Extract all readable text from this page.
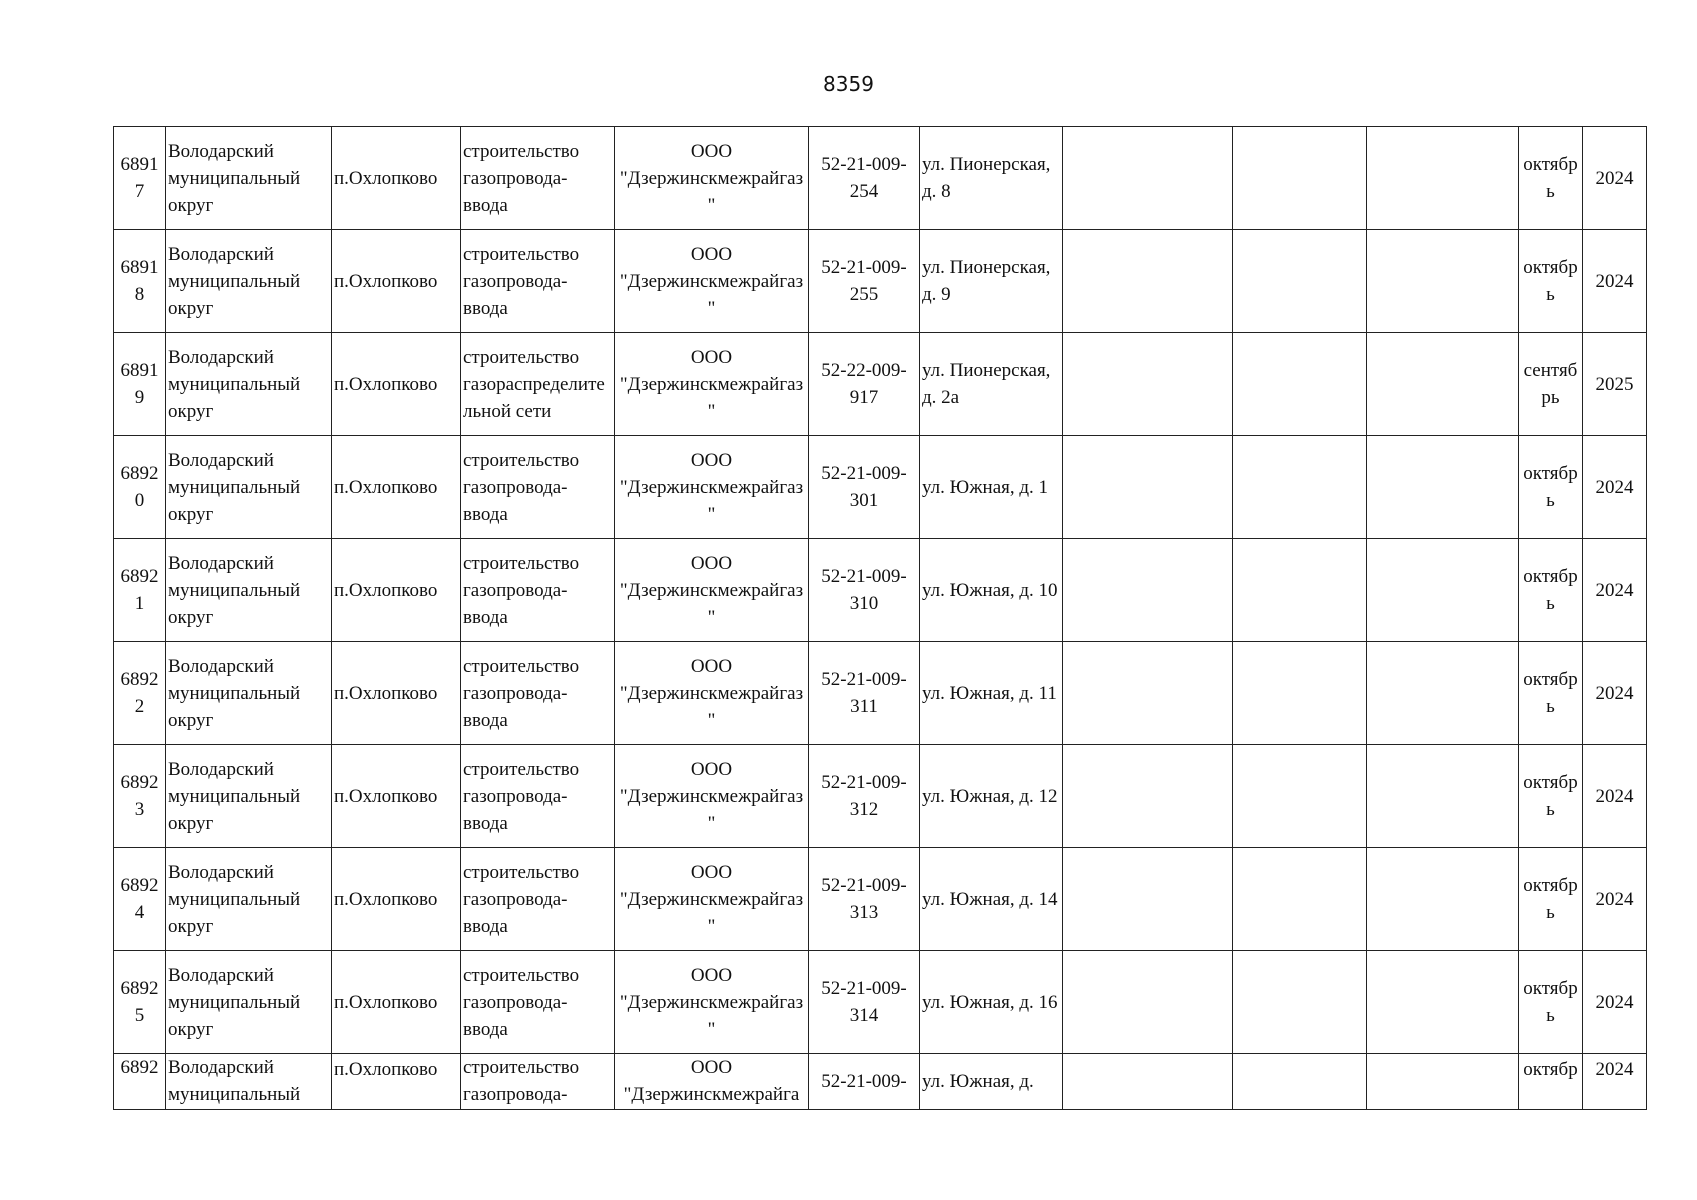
8359
68917	Володарский муниципальный округ	п.Охлопково	строительство газопровода-ввода	ООО "Дзержинскмежрайгаз"	52-21-009-254	ул. Пионерская, д. 8				октябрь	2024
68918	Володарский муниципальный округ	п.Охлопково	строительство газопровода-ввода	ООО "Дзержинскмежрайгаз"	52-21-009-255	ул. Пионерская, д. 9				октябрь	2024
68919	Володарский муниципальный округ	п.Охлопково	строительство газораспределительной сети	ООО "Дзержинскмежрайгаз"	52-22-009-917	ул. Пионерская, д. 2а				сентябрь	2025
68920	Володарский муниципальный округ	п.Охлопково	строительство газопровода-ввода	ООО "Дзержинскмежрайгаз"	52-21-009-301	ул. Южная, д. 1				октябрь	2024
68921	Володарский муниципальный округ	п.Охлопково	строительство газопровода-ввода	ООО "Дзержинскмежрайгаз"	52-21-009-310	ул. Южная, д. 10				октябрь	2024
68922	Володарский муниципальный округ	п.Охлопково	строительство газопровода-ввода	ООО "Дзержинскмежрайгаз"	52-21-009-311	ул. Южная, д. 11				октябрь	2024
68923	Володарский муниципальный округ	п.Охлопково	строительство газопровода-ввода	ООО "Дзержинскмежрайгаз"	52-21-009-312	ул. Южная, д. 12				октябрь	2024
68924	Володарский муниципальный округ	п.Охлопково	строительство газопровода-ввода	ООО "Дзержинскмежрайгаз"	52-21-009-313	ул. Южная, д. 14				октябрь	2024
68925	Володарский муниципальный округ	п.Охлопково	строительство газопровода-ввода	ООО "Дзержинскмежрайгаз"	52-21-009-314	ул. Южная, д. 16				октябрь	2024
6892	Володарский муниципальный	п.Охлопково	строительство газопровода-	ООО "Дзержинскмежрайга	52-21-009-	ул. Южная, д.				октябр	2024
